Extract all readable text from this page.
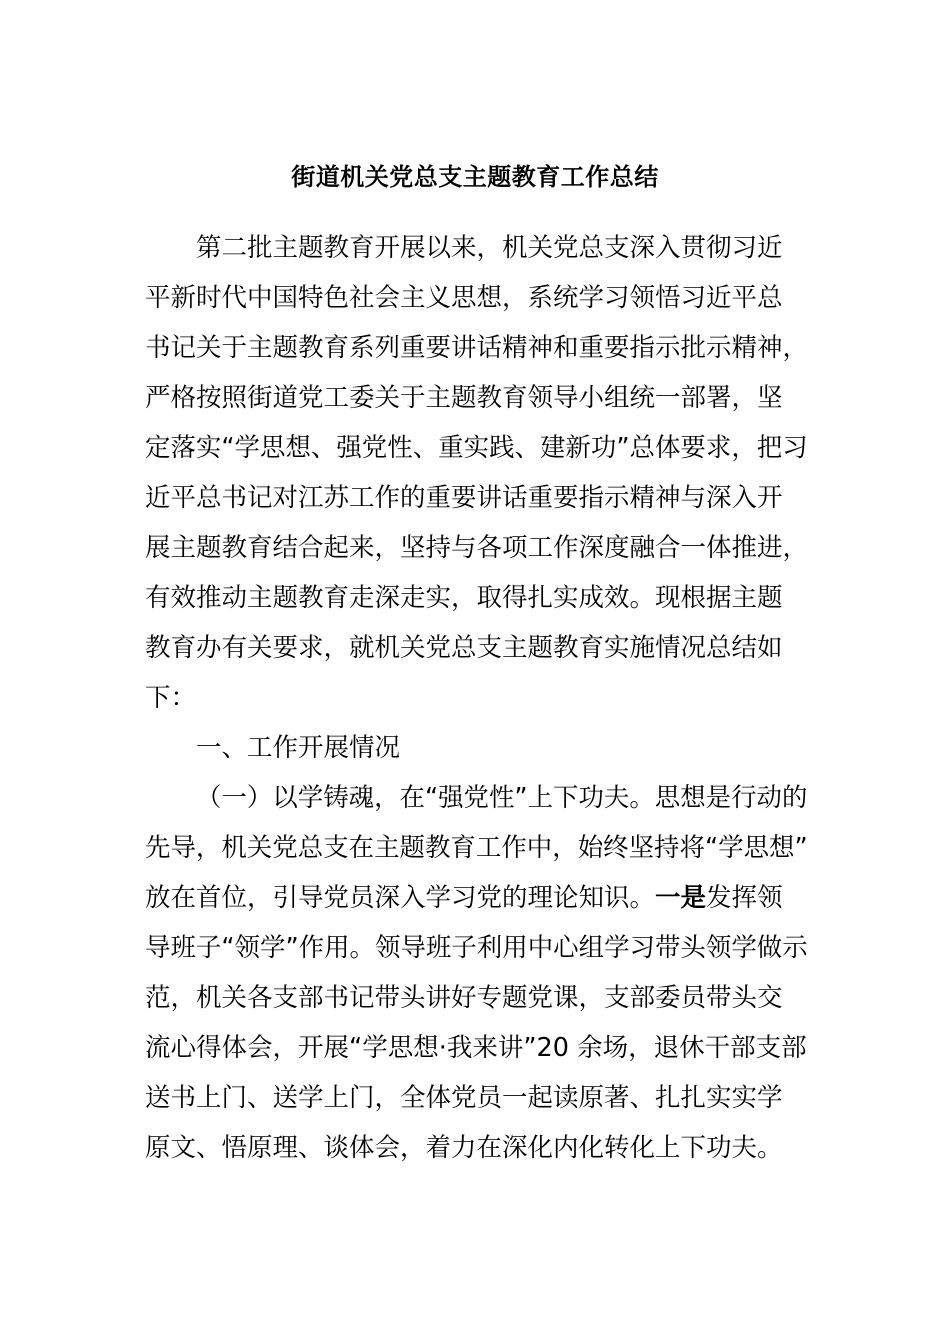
街道机关党总支主题教育工作总结
第二批主题教育开展以来，机关党总支深入贯彻习近
平新时代中国特色社会主义思想，系统学习领悟习近平总
书记关于主题教育系列重要讲话精神和重要指示批示精神，
严格按照街道党工委关于主题教育领导小组统一部署，坚
定落实“学思想、强党性、重实践、建新功”总体要求，把习
近平总书记对江苏工作的重要讲话重要指示精神与深入开
展主题教育结合起来，坚持与各项工作深度融合一体推进，
有效推动主题教育走深走实，取得扎实成效。现根据主题
教育办有关要求，就机关党总支主题教育实施情况总结如
下：
一、工作开展情况
（一）以学铸魂，在“强党性”上下功夫。思想是行动的
先导，机关党总支在主题教育工作中，始终坚持将“学思想”
放在首位，引导党员深入学习党的理论知识。一是发挥领
导班子“领学”作用。领导班子利用中心组学习带头领学做示
范，机关各支部书记带头讲好专题党课，支部委员带头交
流心得体会，开展“学思想·我来讲”20 余场，退休干部支部
送书上门、送学上门，全体党员一起读原著、扎扎实实学
原文、悟原理、谈体会，着力在深化内化转化上下功夫。
